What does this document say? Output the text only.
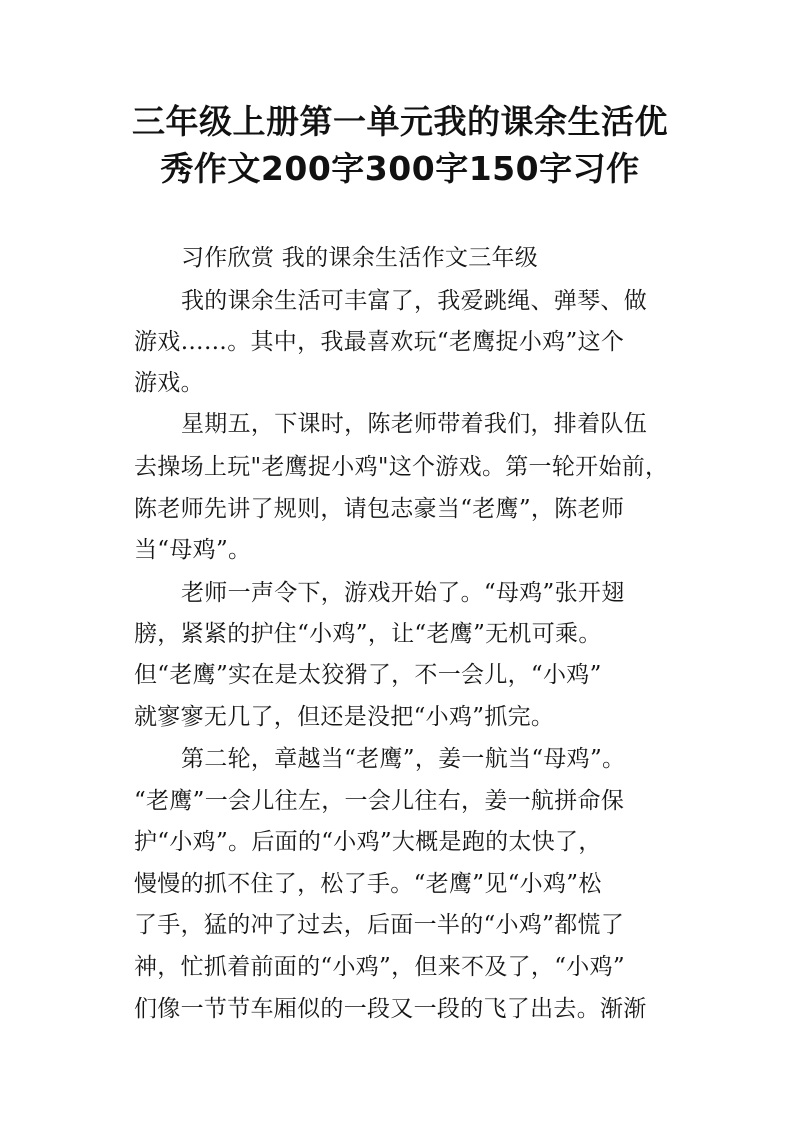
三年级上册第一单元我的课余生活优
秀作文200字300字150字习作
习作欣赏 我的课余生活作文三年级
我的课余生活可丰富了，我爱跳绳、弹琴、做
游戏……。其中，我最喜欢玩“老鹰捉小鸡”这个
游戏。
星期五，下课时，陈老师带着我们，排着队伍
去操场上玩"老鹰捉小鸡"这个游戏。第一轮开始前，
陈老师先讲了规则，请包志豪当“老鹰”，陈老师
当“母鸡”。
老师一声令下，游戏开始了。“母鸡”张开翅
膀，紧紧的护住“小鸡”，让“老鹰”无机可乘。
但“老鹰”实在是太狡猾了，不一会儿，“小鸡”
就寥寥无几了，但还是没把“小鸡”抓完。
第二轮，章越当“老鹰”，姜一航当“母鸡”。
“老鹰”一会儿往左，一会儿往右，姜一航拼命保
护“小鸡”。后面的“小鸡”大概是跑的太快了，
慢慢的抓不住了，松了手。“老鹰”见“小鸡”松
了手，猛的冲了过去，后面一半的“小鸡”都慌了
神，忙抓着前面的“小鸡”，但来不及了，“小鸡”
们像一节节车厢似的一段又一段的飞了出去。渐渐
